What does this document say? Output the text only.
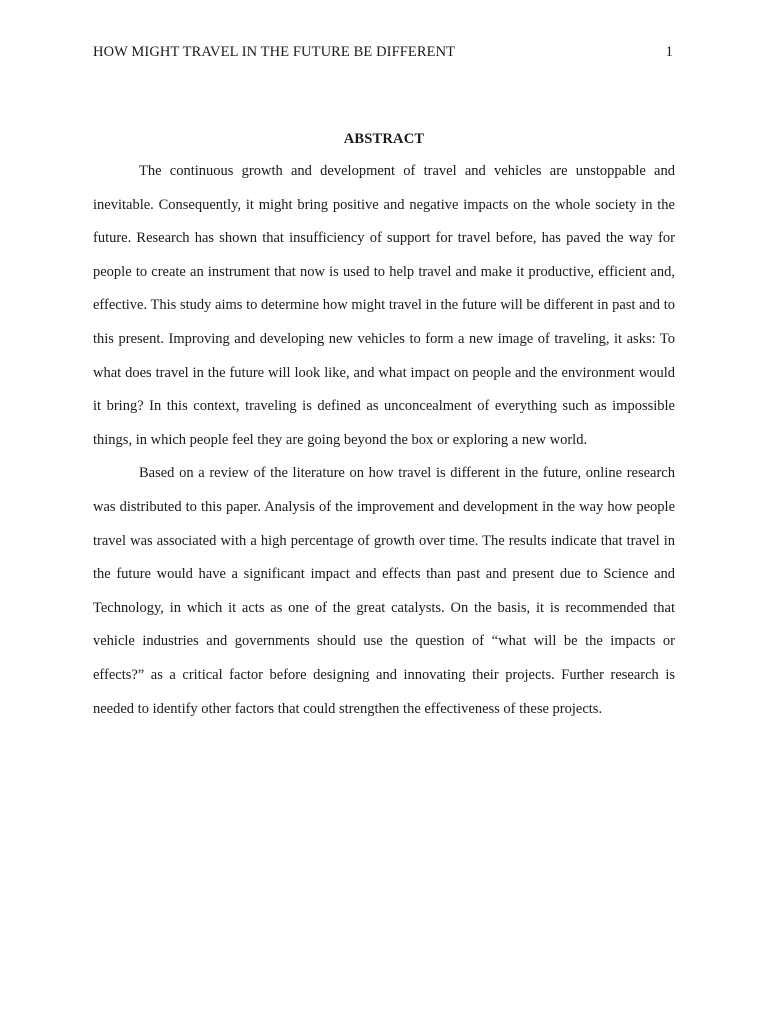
HOW MIGHT TRAVEL IN THE FUTURE BE DIFFERENT	1
ABSTRACT

The continuous growth and development of travel and vehicles are unstoppable and inevitable. Consequently, it might bring positive and negative impacts on the whole society in the future. Research has shown that insufficiency of support for travel before, has paved the way for people to create an instrument that now is used to help travel and make it productive, efficient and, effective. This study aims to determine how might travel in the future will be different in past and to this present. Improving and developing new vehicles to form a new image of traveling, it asks: To what does travel in the future will look like, and what impact on people and the environment would it bring? In this context, traveling is defined as unconcealment of everything such as impossible things, in which people feel they are going beyond the box or exploring a new world.

Based on a review of the literature on how travel is different in the future, online research was distributed to this paper. Analysis of the improvement and development in the way how people travel was associated with a high percentage of growth over time. The results indicate that travel in the future would have a significant impact and effects than past and present due to Science and Technology, in which it acts as one of the great catalysts. On the basis, it is recommended that vehicle industries and governments should use the question of “what will be the impacts or effects?” as a critical factor before designing and innovating their projects. Further research is needed to identify other factors that could strengthen the effectiveness of these projects.
